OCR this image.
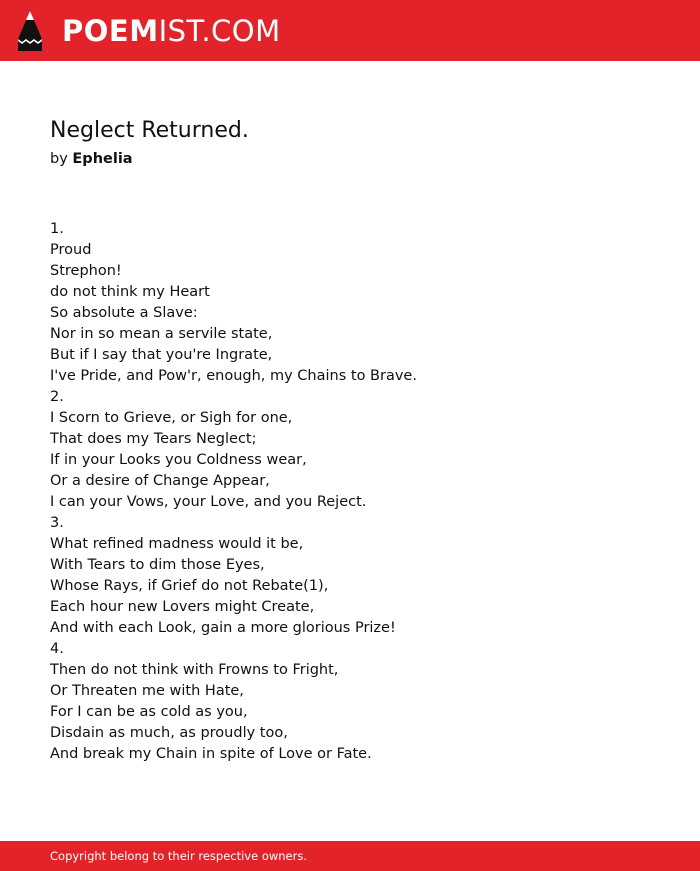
POEMIST.COM
Neglect Returned.
by Ephelia
1.
Proud
Strephon!
do not think my Heart
So absolute a Slave:
Nor in so mean a servile state,
But if I say that you're Ingrate,
I've Pride, and Pow'r, enough, my Chains to Brave.
2.
I Scorn to Grieve, or Sigh for one,
That does my Tears Neglect;
If in your Looks you Coldness wear,
Or a desire of Change Appear,
I can your Vows, your Love, and you Reject.
3.
What refined madness would it be,
With Tears to dim those Eyes,
Whose Rays, if Grief do not Rebate(1),
Each hour new Lovers might Create,
And with each Look, gain a more glorious Prize!
4.
Then do not think with Frowns to Fright,
Or Threaten me with Hate,
For I can be as cold as you,
Disdain as much, as proudly too,
And break my Chain in spite of Love or Fate.
Copyright belong to their respective owners.
